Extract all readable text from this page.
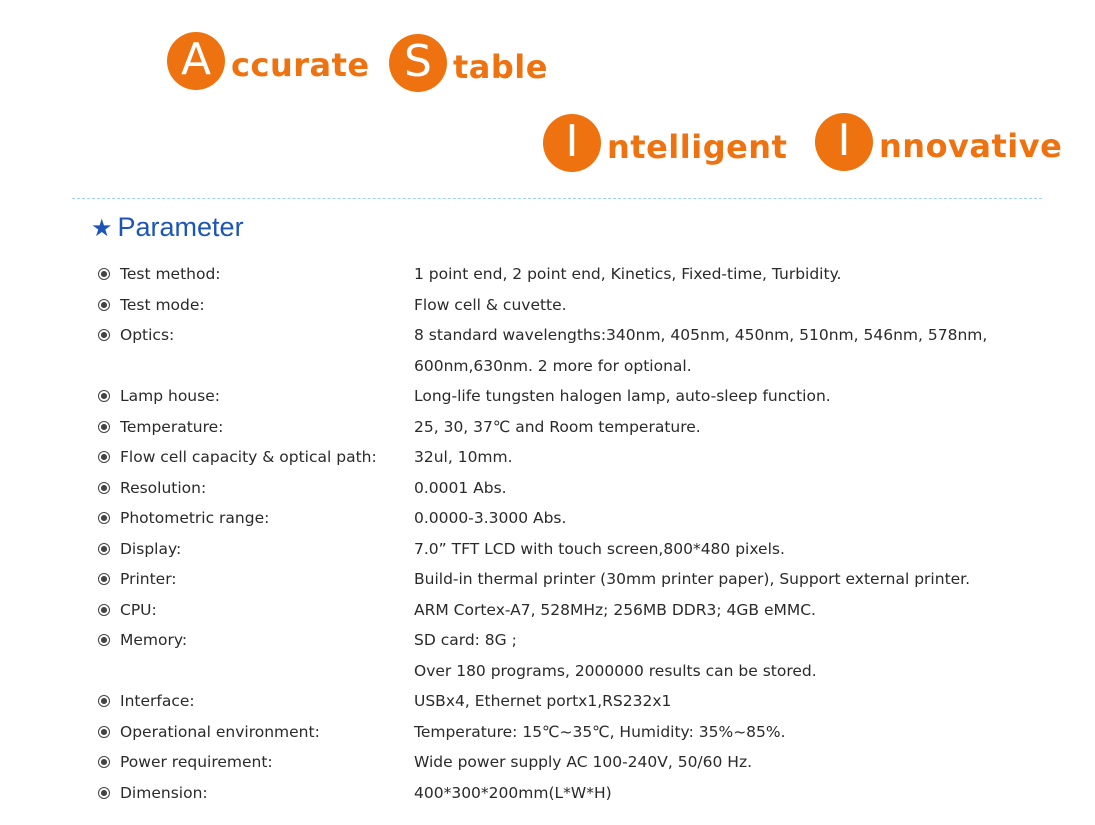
A ccurate S table
I ntelligent	I nnovative
★ Parameter
Test method:	1 point end, 2 point end, Kinetics, Fixed-time, Turbidity.
Test mode:	Flow cell & cuvette.
Optics:	8 standard wavelengths:340nm, 405nm, 450nm, 510nm, 546nm, 578nm,
600nm,630nm. 2 more for optional.
Lamp house:	Long-life tungsten halogen lamp, auto-sleep function.
Temperature:	25, 30, 37℃ and Room temperature.
Flow cell capacity & optical path:	32ul, 10mm.
Resolution:	0.0001 Abs.
Photometric range:	0.0000-3.3000 Abs.
Display:	7.0” TFT LCD with touch screen,800*480 pixels.
Printer:	Build-in thermal printer (30mm printer paper), Support external printer.
CPU:	ARM Cortex-A7, 528MHz; 256MB DDR3; 4GB eMMC.
Memory:	SD card: 8G ;
Over 180 programs, 2000000 results can be stored.
Interface:	USBx4, Ethernet portx1,RS232x1
Operational environment:	Temperature: 15℃~35℃, Humidity: 35%~85%.
Power requirement:	Wide power supply AC 100-240V, 50/60 Hz.
Dimension:	400*300*200mm(L*W*H)
